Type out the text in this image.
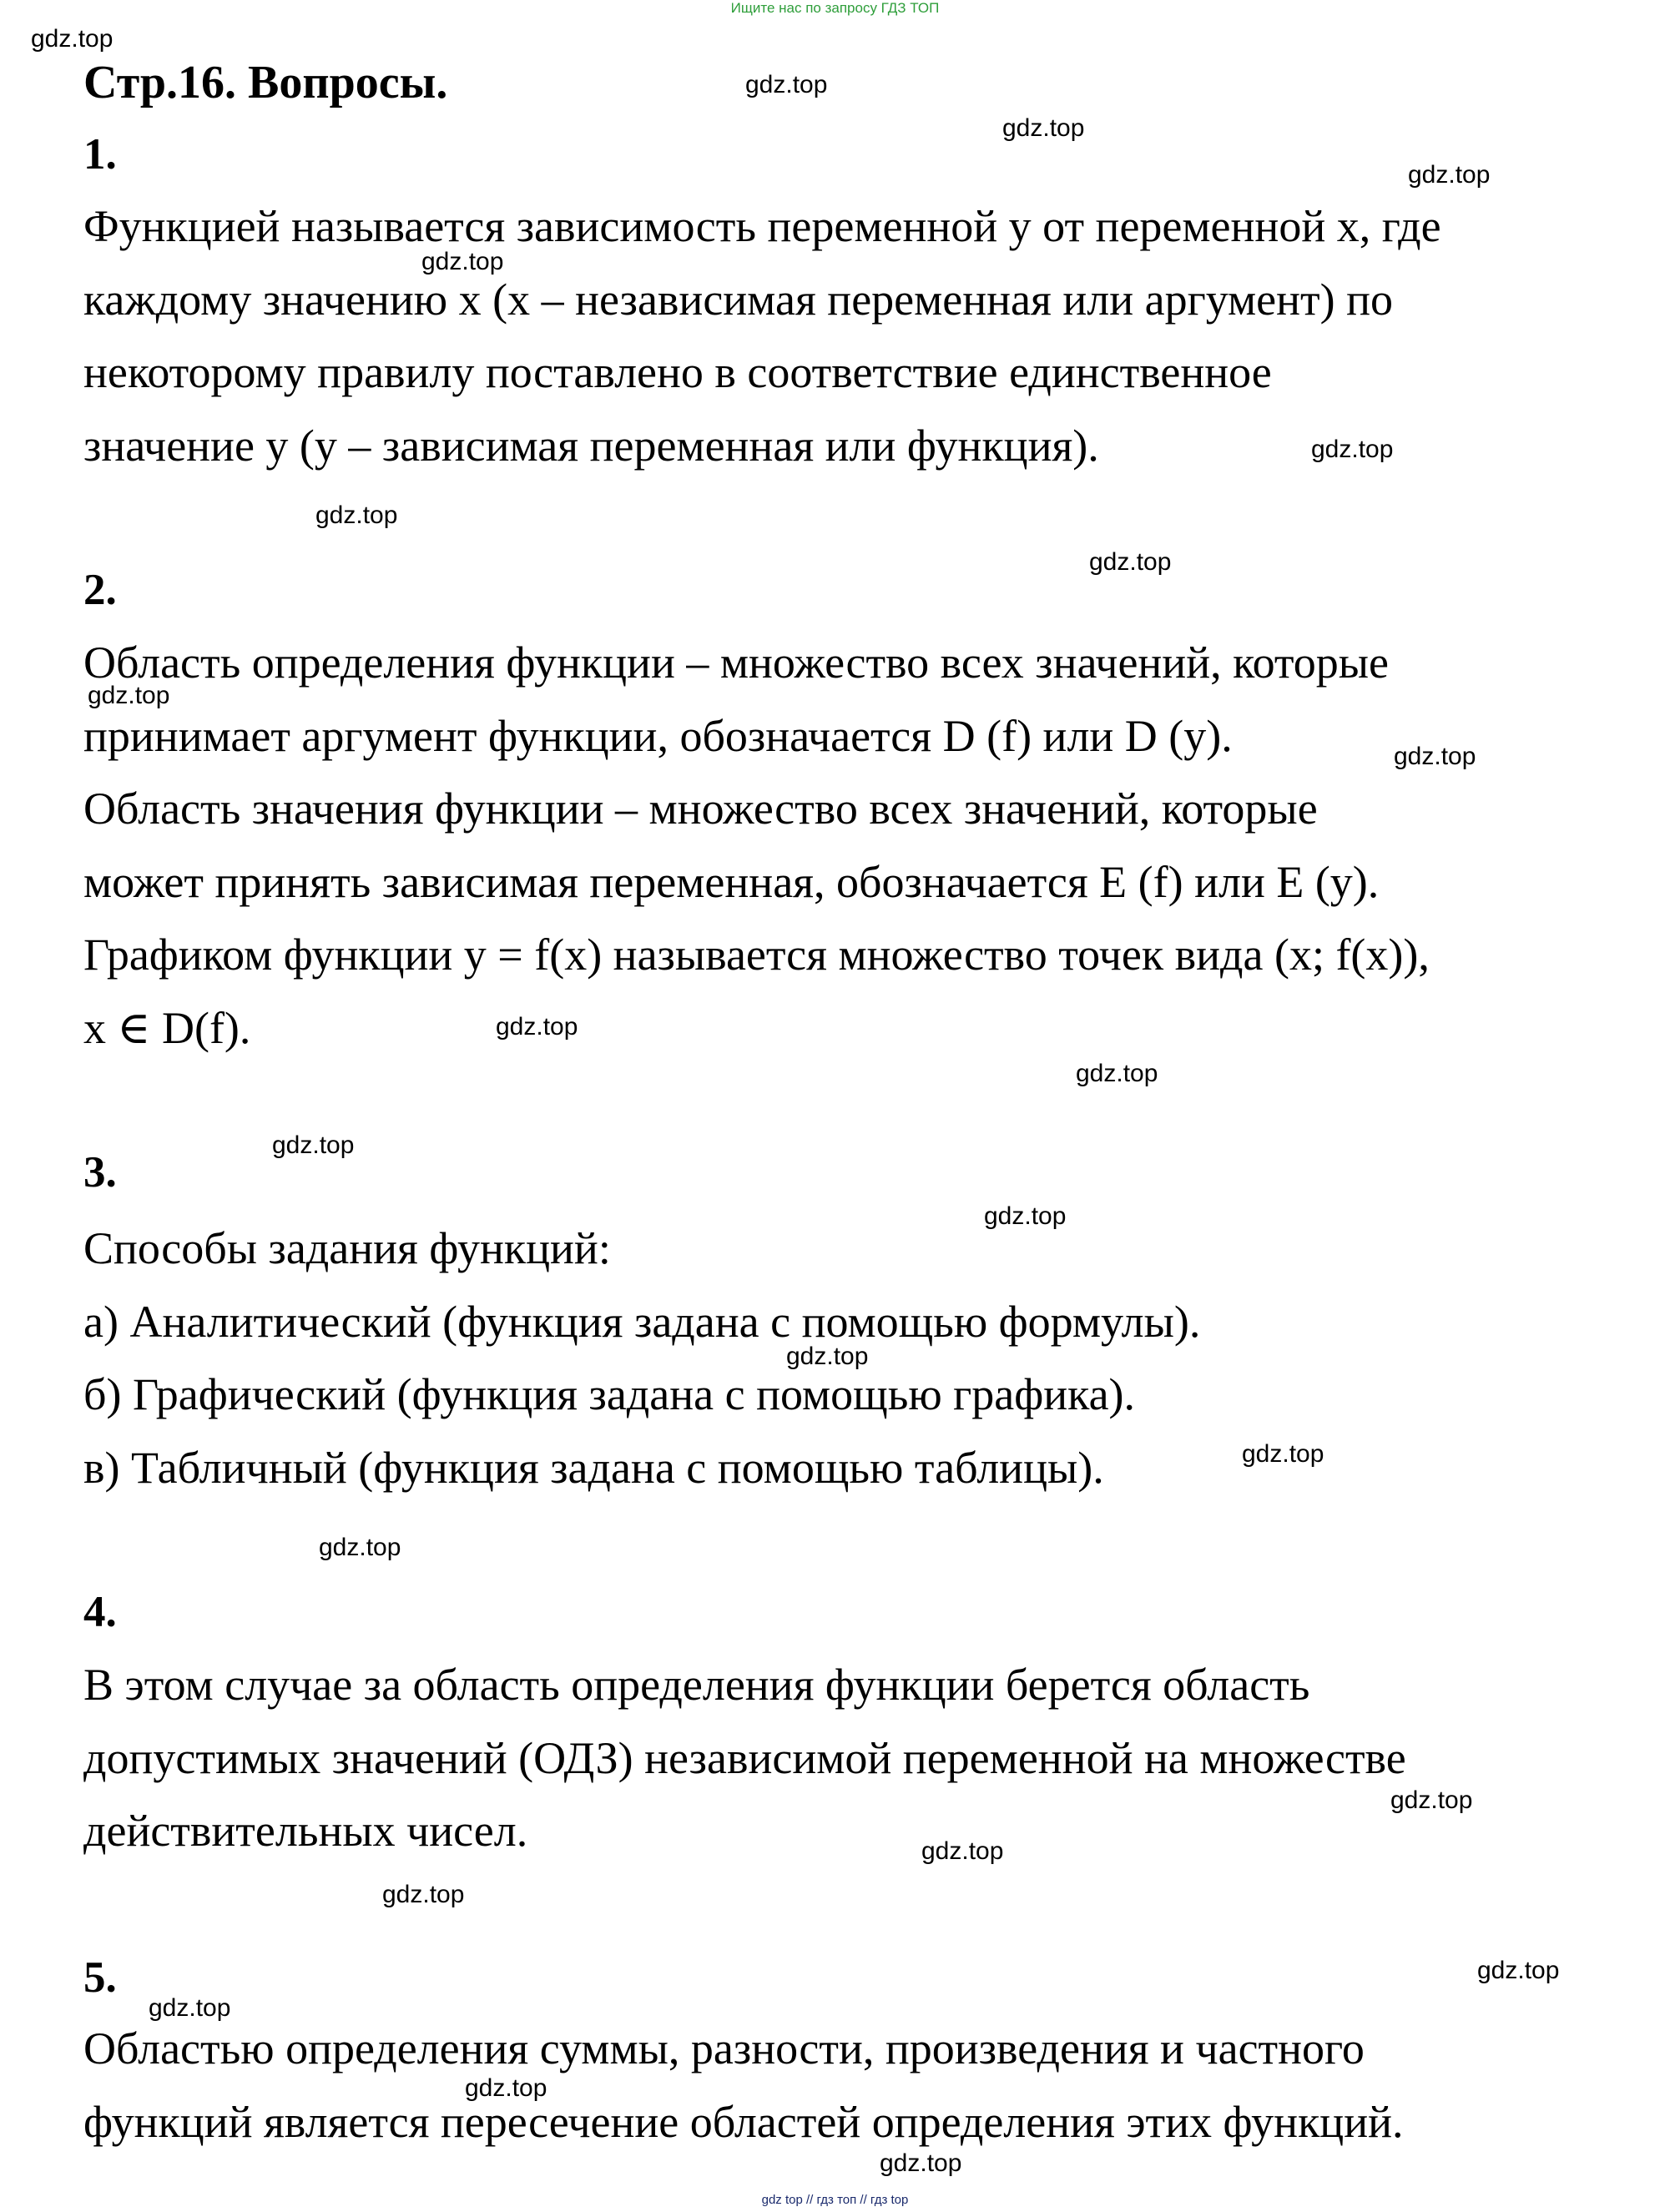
Ищите нас по запросу ГДЗ ТОП
Стр.16. Вопросы.
1.

Функцией называется зависимость переменной у от переменной х, где

каждому значению х (х – независимая переменная или аргумент) по

некоторому правилу поставлено в соответствие единственное

значение у (у – зависимая переменная или функция).

2.

Область определения функции – множество всех значений, которые

принимает аргумент функции, обозначается D (f) или D (y).

Область значения функции – множество всех значений, которые

может принять зависимая переменная, обозначается E (f) или E (y).

Графиком функции y = f(x) называется множество точек вида (x; f(x)),

x ∈ D(f).

3.

Способы задания функций:

а) Аналитический (функция задана с помощью формулы).

б) Графический (функция задана с помощью графика).

в) Табличный (функция задана с помощью таблицы).

4.

В этом случае за область определения функции берется область

допустимых значений (ОДЗ) независимой переменной на множестве

действительных чисел.

5.

Областью определения суммы, разности, произведения и частного

функций является пересечение областей определения этих функций.

gdz.top
gdz.top
gdz.top
gdz.top
gdz.top
gdz.top
gdz.top
gdz.top
gdz.top
gdz.top
gdz.top
gdz.top
gdz.top
gdz.top
gdz.top
gdz.top
gdz.top
gdz.top
gdz.top
gdz.top
gdz.top
gdz.top
gdz.top
gdz.top
gdz top // гдз топ // гдз top
